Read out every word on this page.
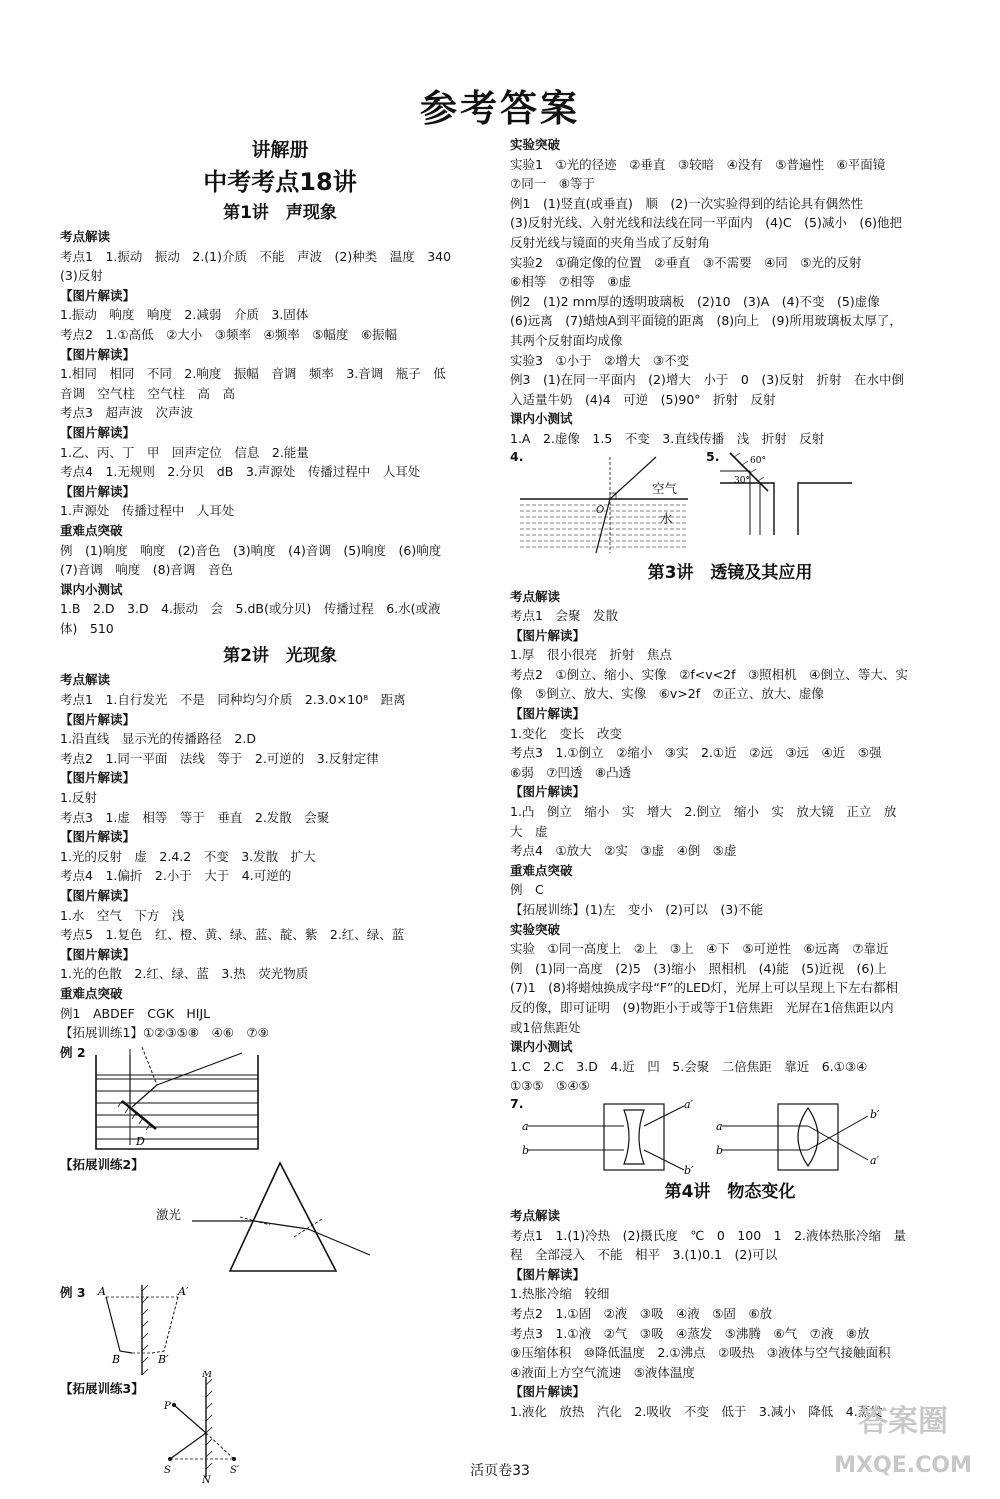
参考答案
讲解册
中考考点18讲
第1讲　声现象
考点解读
考点1　1.振动　振动　2.(1)介质　不能　声波　(2)种类　温度　340
(3)反射
【图片解读】
1.振动　响度　响度　2.减弱　介质　3.固体
考点2　1.①高低　②大小　③频率　④频率　⑤幅度　⑥振幅
【图片解读】
1.相同　相同　不同　2.响度　振幅　音调　频率　3.音调　瓶子　低
音调　空气柱　空气柱　高　高
考点3　超声波　次声波
【图片解读】
1.乙、丙、丁　甲　回声定位　信息　2.能量
考点4　1.无规则　2.分贝　dB　3.声源处　传播过程中　人耳处
【图片解读】
1.声源处　传播过程中　人耳处
重难点突破
例　(1)响度　响度　(2)音色　(3)响度　(4)音调　(5)响度　(6)响度
(7)音调　响度　(8)音调　音色
课内小测试
1.B　2.D　3.D　4.振动　会　5.dB(或分贝)　传播过程　6.水(或液
体)　510
第2讲　光现象
考点解读
考点1　1.自行发光　不是　同种均匀介质　2.3.0×10⁸　距离
【图片解读】
1.沿直线　显示光的传播路径　2.D
考点2　1.同一平面　法线　等于　2.可逆的　3.反射定律
【图片解读】
1.反射
考点3　1.虚　相等　等于　垂直　2.发散　会聚
【图片解读】
1.光的反射　虚　2.4.2　不变　3.发散　扩大
考点4　1.偏折　2.小于　大于　4.可逆的
【图片解读】
1.水　空气　下方　浅
考点5　1.复色　红、橙、黄、绿、蓝、靛、紫　2.红、绿、蓝
【图片解读】
1.光的色散　2.红、绿、蓝　3.热　荧光物质
重难点突破
例1　ABDEF　CGK　HIJL
【拓展训练1】①②③⑤⑧　④⑥　⑦⑨
例 2
D
【拓展训练2】
激光
例 3 A	A′
B	B′
【拓展训练3】
M
P
S	S′
N
实验突破
实验1　①光的径迹　②垂直　③较暗　④没有　⑤普遍性　⑥平面镜
⑦同一　⑧等于
例1　(1)竖直(或垂直)　顺　(2)一次实验得到的结论具有偶然性
(3)反射光线、入射光线和法线在同一平面内　(4)C　(5)减小　(6)他把
反射光线与镜面的夹角当成了反射角
实验2　①确定像的位置　②垂直　③不需要　④同　⑤光的反射
⑥相等　⑦相等　⑧虚
例2　(1)2 mm厚的透明玻璃板　(2)10　(3)A　(4)不变　(5)虚像
(6)远离　(7)蜡烛A到平面镜的距离　(8)向上　(9)所用玻璃板太厚了，
其两个反射面均成像
实验3　①小于　②增大　③不变
例3　(1)在同一平面内　(2)增大　小于　0　(3)反射　折射　在水中倒
入适量牛奶　(4)4　可逆　(5)90°　折射　反射
课内小测试
1.A　2.虚像　1.5　不变　3.直线传播　浅　折射　反射
4.
O
空气
水
5.
30°
60°
第3讲　透镜及其应用
考点解读
考点1　会聚　发散
【图片解读】
1.厚　很小很亮　折射　焦点
考点2　①倒立、缩小、实像　②f<v<2f　③照相机　④倒立、等大、实
像　⑤倒立、放大、实像　⑥v>2f　⑦正立、放大、虚像
【图片解读】
1.变化　变长　改变
考点3　1.①倒立　②缩小　③实　2.①近　②远　③远　④近　⑤强
⑥弱　⑦凹透　⑧凸透
【图片解读】
1.凸　倒立　缩小　实　增大　2.倒立　缩小　实　放大镜　正立　放
大　虚
考点4　①放大　②实　③虚　④倒　⑤虚
重难点突破
例　C
【拓展训练】(1)左　变小　(2)可以　(3)不能
实验突破
实验　①同一高度上　②上　③上　④下　⑤可逆性　⑥远离　⑦靠近
例　(1)同一高度　(2)5　(3)缩小　照相机　(4)能　(5)近视　(6)上
(7)1　(8)将蜡烛换成字母“F”的LED灯，光屏上可以呈现上下左右都相
反的像，即可证明　(9)物距小于或等于1倍焦距　光屏在1倍焦距以内
或1倍焦距处
课内小测试
1.C　2.C　3.D　4.近　凹　5.会聚　二倍焦距　靠近　6.①③④
①③⑤　⑤④⑤
7.
a
b
a′
b′
a
b
b′
a′
第4讲　物态变化
考点解读
考点1　1.(1)冷热　(2)摄氏度　℃　0　100　1　2.液体热胀冷缩　量
程　全部浸入　不能　相平　3.(1)0.1　(2)可以
【图片解读】
1.热胀冷缩　较细
考点2　1.①固　②液　③吸　④液　⑤固　⑥放
考点3　1.①液　②气　③吸　④蒸发　⑤沸腾　⑥气　⑦液　⑧放
⑨压缩体积　⑩降低温度　2.①沸点　②吸热　③液体与空气接触面积
④液面上方空气流速　⑤液体温度
【图片解读】
1.液化　放热　汽化　2.吸收　不变　低于　3.减小　降低　4.蒸发
活页卷33
答案圈
MXQE.COM
